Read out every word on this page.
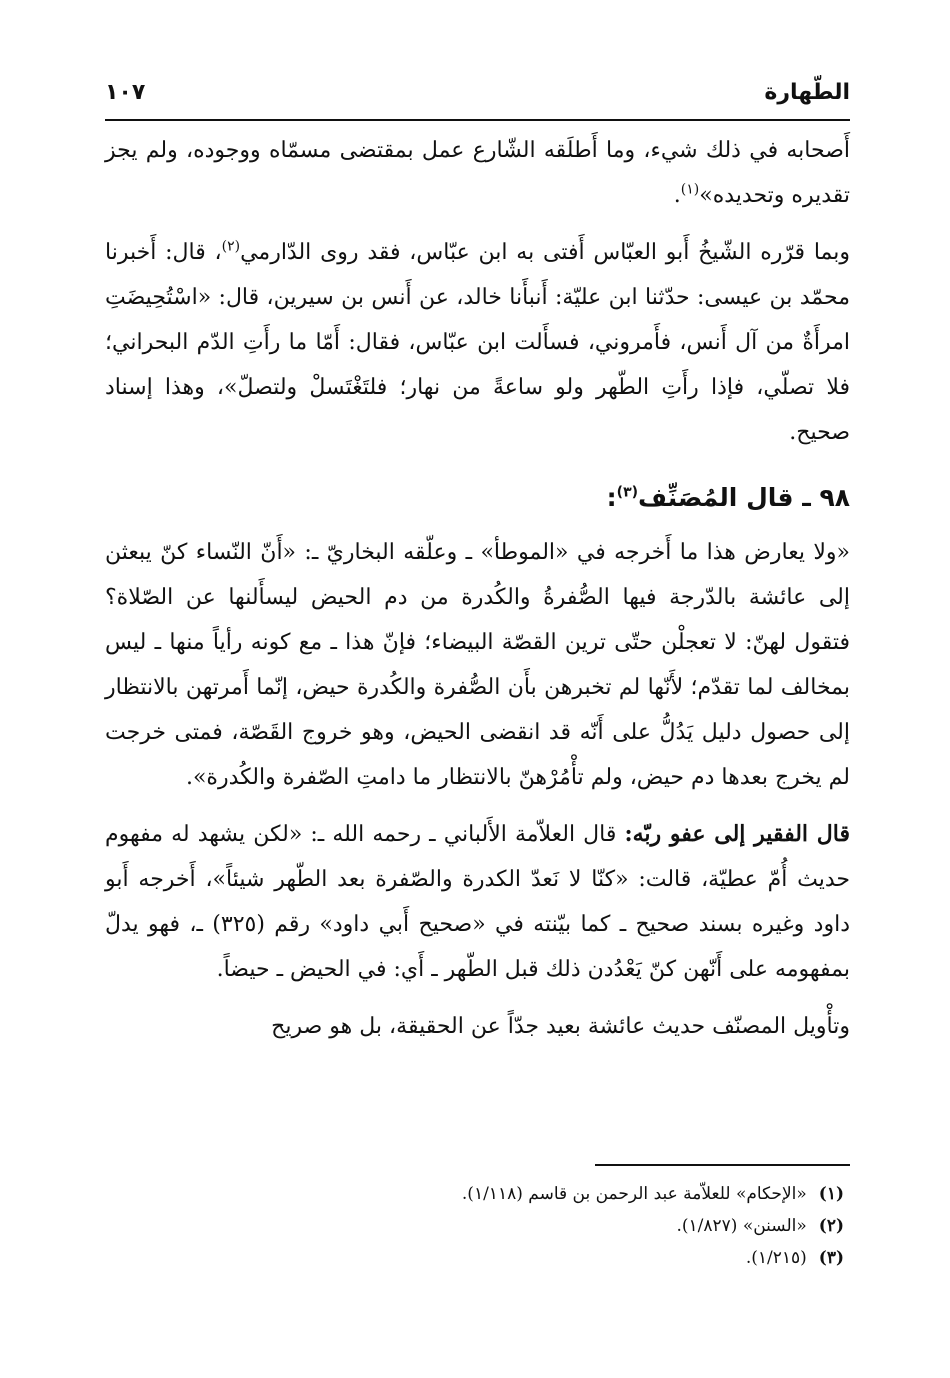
الطّهارة
١٠٧

أَصحابه في ذلك شيء، وما أَطلَقه الشّارع عمل بمقتضى مسمّاه ووجوده، ولم يجز تقديره وتحديده»$^{(١)}$.

وبما قرّره الشّيخُ أَبو العبّاس أَفتى به ابن عبّاس، فقد روى الدّارمي$^{(٢)}$، قال: أَخبرنا محمّد بن عيسى: حدّثنا ابن عليّة: أَنبأَنا خالد، عن أَنس بن سيرين، قال: «اسْتُحِيضَتِ امرأَةٌ من آل أَنس، فأَمروني، فسأَلت ابن عبّاس، فقال: أَمّا ما رأَتِ الدّم البحراني؛ فلا تصلّي، فإذا رأَتِ الطّهر ولو ساعةً من نهار؛ فلتَغْتَسلْ ولتصلّ»، وهذا إسناد صحيح.

٩٨ ـ قال المُصَنِّف$^{(٣)}$:

«ولا يعارض هذا ما أَخرجه في «الموطأ» ـ وعلّقه البخاريّ ـ: «أَنّ النّساء كنّ يبعثن إلى عائشة بالدّرجة فيها الصُّفرةُ والكُدرة من دم الحيض ليسأَلنها عن الصّلاة؟ فتقول لهنّ: لا تعجلْن حتّى ترين القصّة البيضاء؛ فإنّ هذا ـ مع كونه رأياً منها ـ ليس بمخالف لما تقدّم؛ لأَنّها لم تخبرهن بأَن الصُّفرة والكُدرة حيض، إنّما أَمرتهن بالانتظار إلى حصول دليل يَدُلُّ على أَنّه قد انقضى الحيض، وهو خروج القَصّة، فمتى خرجت لم يخرج بعدها دم حيض، ولم تأْمُرْهنّ بالانتظار ما دامتِ الصّفرة والكُدرة».

قال الفقير إلى عفو ربّه: قال العلاّمة الأَلباني ـ رحمه الله ـ: «لكن يشهد له مفهوم حديث أُمّ عطيّة، قالت: «كنّا لا نَعدّ الكدرة والصّفرة بعد الطّهر شيئاً»، أَخرجه أَبو داود وغيره بسند صحيح ـ كما بيّنته في «صحيح أَبي داود» رقم (٣٢٥) ـ، فهو يدلّ بمفهومه على أَنّهن كنّ يَعْدُدن ذلك قبل الطّهر ـ أَي: في الحيض ـ حيضاً.

وتأْويل المصنّف حديث عائشة بعيد جدّاً عن الحقيقة، بل هو صريح

(١)«الإحكام» للعلاّمة عبد الرحمن بن قاسم (١/١١٨).

(٢)«السنن» (١/٨٢٧).

(٣)(١/٢١٥).
